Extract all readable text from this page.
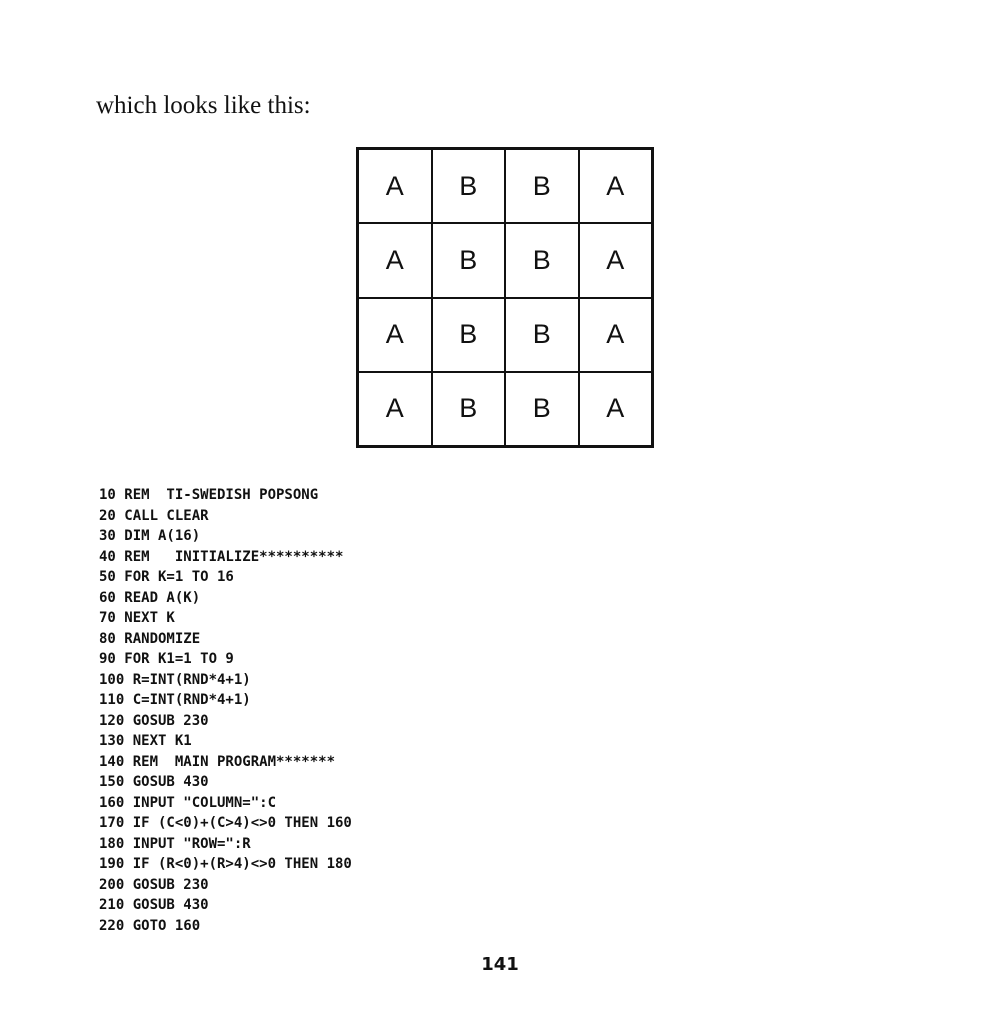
which looks like this:

A	B	B	A
A	B	B	A
A	B	B	A
A	B	B	A
10 REM  TI-SWEDISH POPSONG
20 CALL CLEAR
30 DIM A(16)
40 REM   INITIALIZE**********
50 FOR K=1 TO 16
60 READ A(K)
70 NEXT K
80 RANDOMIZE
90 FOR K1=1 TO 9
100 R=INT(RND*4+1)
110 C=INT(RND*4+1)
120 GOSUB 230
130 NEXT K1
140 REM  MAIN PROGRAM*******
150 GOSUB 430
160 INPUT "COLUMN=":C
170 IF (C<0)+(C>4)<>0 THEN 160
180 INPUT "ROW=":R
190 IF (R<0)+(R>4)<>0 THEN 180
200 GOSUB 230
210 GOSUB 430
220 GOTO 160
141
